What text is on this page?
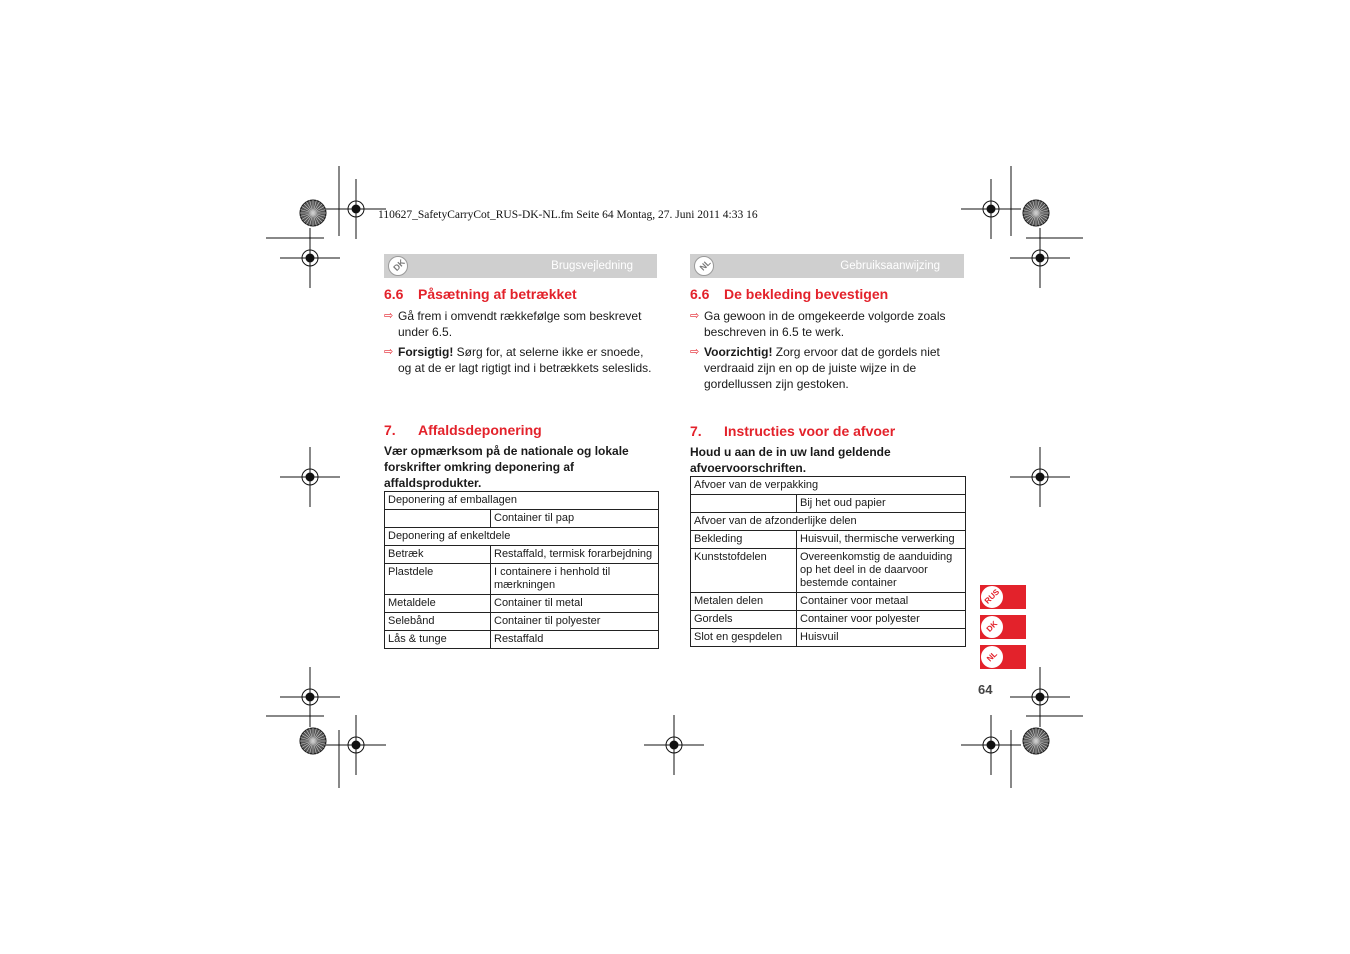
110627_SafetyCarryCot_RUS-DK-NL.fm Seite 64 Montag, 27. Juni 2011 4:33 16
DK	Brugsvejledning
6.6 Påsætning af betrækket
⇨ Gå frem i omvendt rækkefølge som beskrevet under 6.5.
⇨ Forsigtig! Sørg for, at selerne ikke er snoede, og at de er lagt rigtigt ind i betrækkets seleslids.
7. Affaldsdeponering
Vær opmærksom på de nationale og lokale forskrifter omkring deponering af affaldsprodukter.
Deponering af emballagen	
	Container til pap
Deponering af enkeltdele	
Betræk	Restaffald, termisk forarbejdning
Plastdele	I containere i henhold til mærkningen
Metaldele	Container til metal
Selebånd	Container til polyester
Lås & tunge	Restaffald
NL	Gebruiksaanwijzing
6.6 De bekleding bevestigen
⇨ Ga gewoon in de omgekeerde volgorde zoals beschreven in 6.5 te werk.
⇨ Voorzichtig! Zorg ervoor dat de gordels niet verdraaid zijn en op de juiste wijze in de gordellussen zijn gestoken.
7. Instructies voor de afvoer
Houd u aan de in uw land geldende afvoervoorschriften.
Afvoer van de verpakking	
	Bij het oud papier
Afvoer van de afzonderlijke delen	
Bekleding	Huisvuil, thermische verwerking
Kunststofdelen	Overeenkomstig de aanduiding op het deel in de daarvoor bestemde container
Metalen delen	Container voor metaal
Gordels	Container voor polyester
Slot en gespdelen	Huisvuil
RUS
DK
NL
64
